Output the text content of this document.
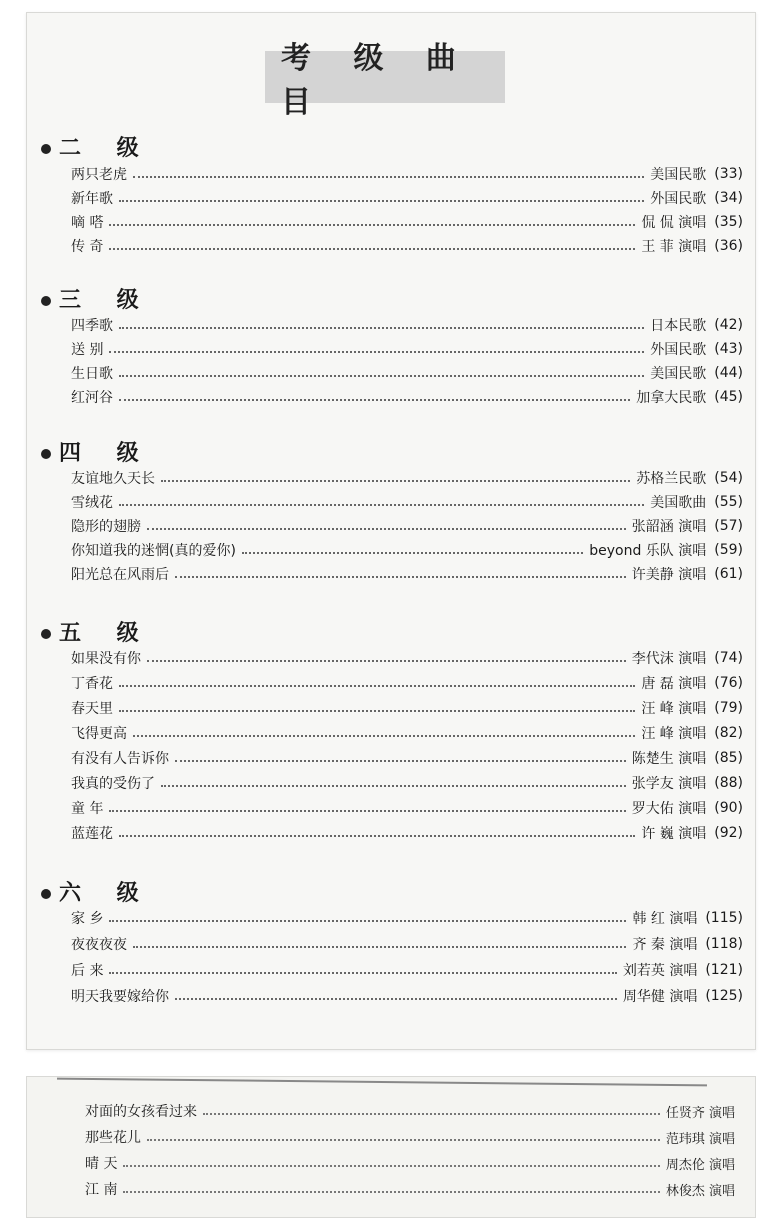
考 级 曲 目
二 级
两只老虎	美国民歌 (33)
新年歌	外国民歌 (34)
嘀 嗒	侃 侃 演唱 (35)
传 奇	王 菲 演唱 (36)
三 级
四季歌	日本民歌 (42)
送 别	外国民歌 (43)
生日歌	美国民歌 (44)
红河谷	加拿大民歌 (45)
四 级
友谊地久天长	苏格兰民歌 (54)
雪绒花	美国歌曲 (55)
隐形的翅膀	张韶涵 演唱 (57)
你知道我的迷惘(真的爱你)	beyond 乐队 演唱 (59)
阳光总在风雨后	许美静 演唱 (61)
五 级
如果没有你	李代沫 演唱 (74)
丁香花	唐 磊 演唱 (76)
春天里	汪 峰 演唱 (79)
飞得更高	汪 峰 演唱 (82)
有没有人告诉你	陈楚生 演唱 (85)
我真的受伤了	张学友 演唱 (88)
童 年	罗大佑 演唱 (90)
蓝莲花	许 巍 演唱 (92)
六 级
家 乡	韩 红 演唱 (115)
夜夜夜夜	齐 秦 演唱 (118)
后 来	刘若英 演唱 (121)
明天我要嫁给你	周华健 演唱 (125)
对面的女孩看过来	任贤齐 演唱
那些花儿	范玮琪 演唱
晴 天	周杰伦 演唱
江 南	林俊杰 演唱
